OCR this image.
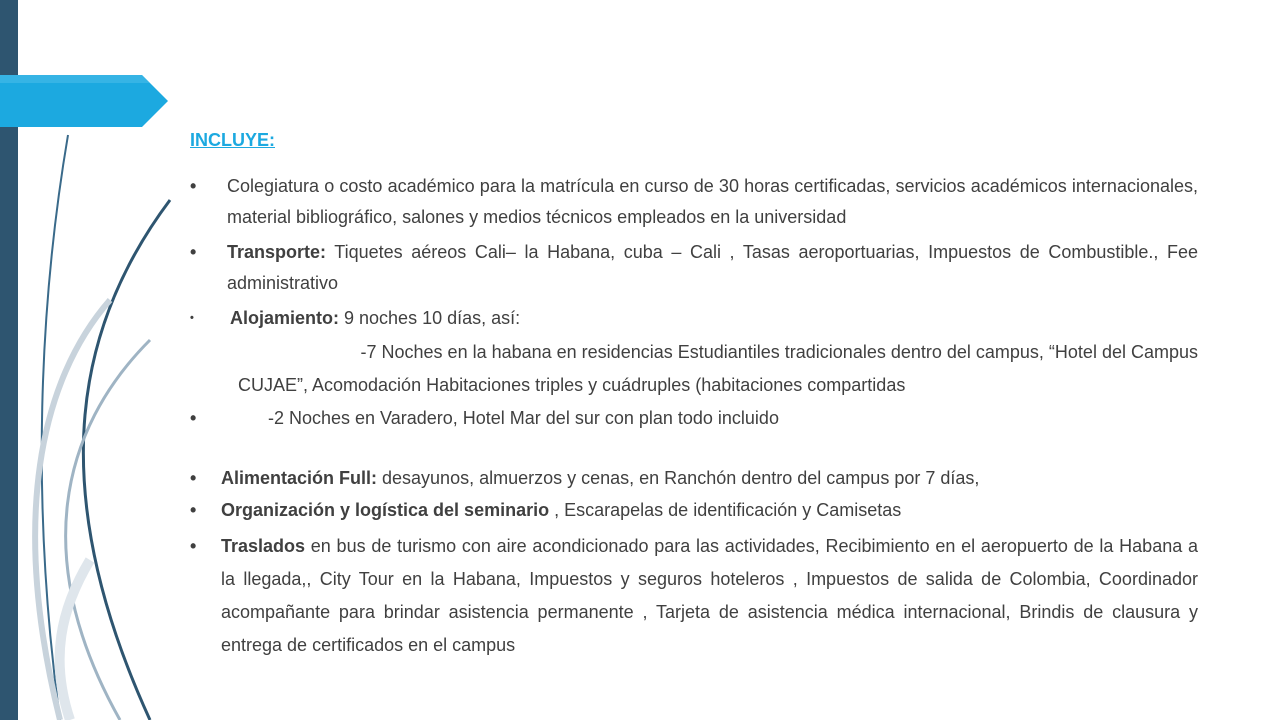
INCLUYE:
• Colegiatura o costo académico para la matrícula en curso de 30 horas certificadas, servicios académicos internacionales, material bibliográfico, salones y medios técnicos empleados en la universidad
• Transporte: Tiquetes aéreos Cali– la Habana, cuba – Cali , Tasas aeroportuarias, Impuestos de Combustible., Fee administrativo
• Alojamiento: 9 noches 10 días, así:
-7 Noches en la habana en residencias Estudiantiles tradicionales dentro del campus, “Hotel del Campus
CUJAE”, Acomodación Habitaciones triples y cuádruples (habitaciones compartidas
•	-2 Noches en Varadero, Hotel Mar del sur con plan todo incluido
• Alimentación Full: desayunos, almuerzos y cenas, en Ranchón dentro del campus por 7 días,
• Organización y logística del seminario , Escarapelas de identificación y Camisetas
• Traslados en bus de turismo con aire acondicionado para las actividades, Recibimiento en el aeropuerto de la Habana a la llegada,, City Tour en la Habana, Impuestos y seguros hoteleros , Impuestos de salida de Colombia, Coordinador acompañante para brindar asistencia permanente , Tarjeta de asistencia médica internacional, Brindis de clausura y entrega de certificados en el campus
